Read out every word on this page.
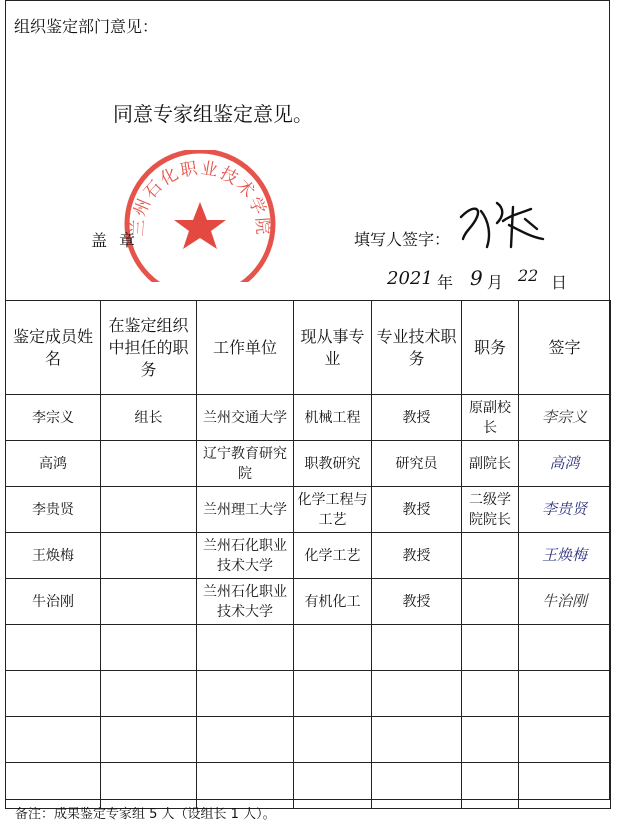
组织鉴定部门意见：
同意专家组鉴定意见。
兰州石化职业技术学院
盖章	填写人签字：
2021 年 9 月 22 日
鉴定成员姓名	在鉴定组织中担任的职务	工作单位	现从事专业	专业技术职务	职务	签字
李宗义	组长	兰州交通大学	机械工程	教授	原副校长	李宗义
高鸿		辽宁教育研究院	职教研究	研究员	副院长	高鸿
李贵贤		兰州理工大学	化学工程与工艺	教授	二级学院院长	李贵贤
王焕梅		兰州石化职业技术大学	化学工艺	教授		王焕梅
牛治刚		兰州石化职业技术大学	有机化工	教授		牛治刚

备注：成果鉴定专家组 5 人（设组长 1 人）。
